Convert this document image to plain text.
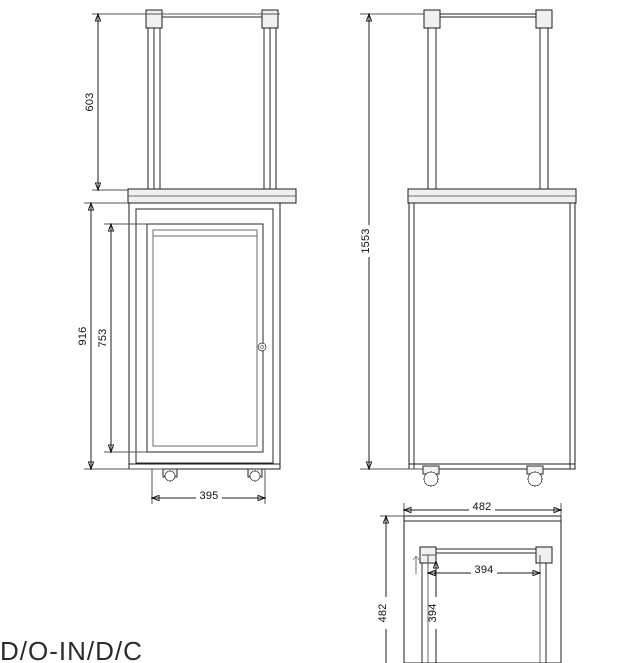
603
916 753
395
1553
482
394
482	394
D/O-IN/D/C
